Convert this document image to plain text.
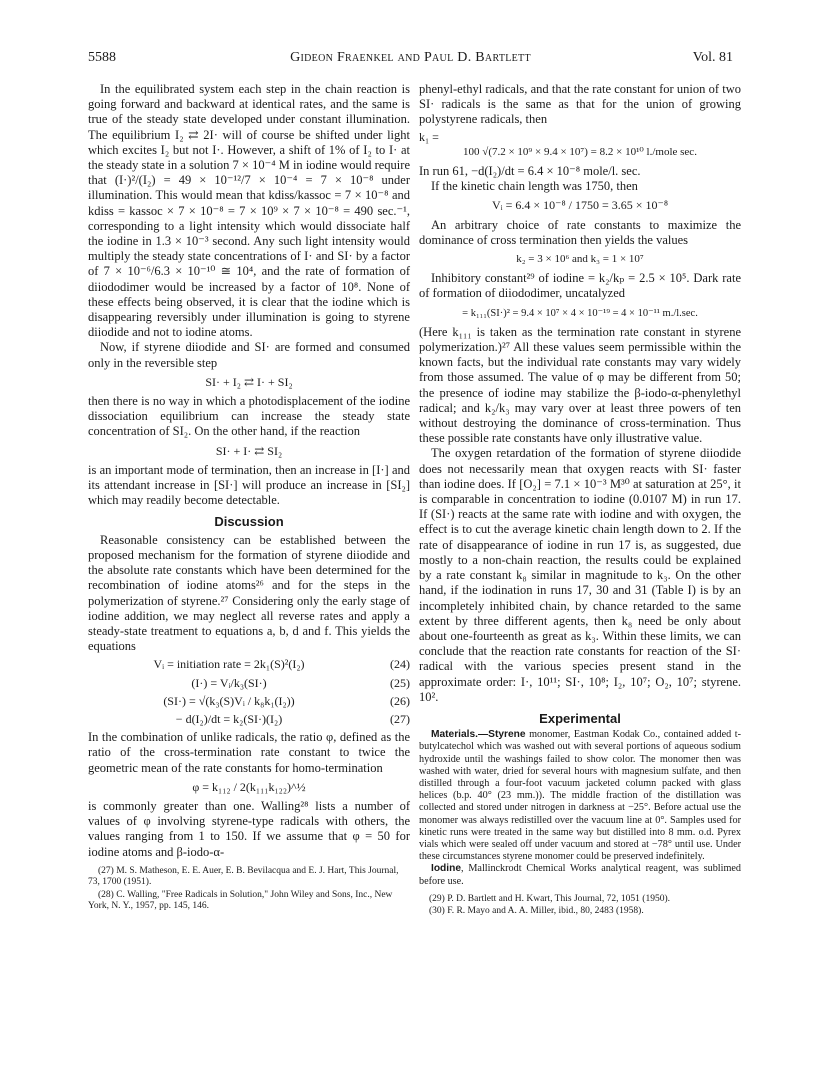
5588	Gideon Fraenkel and Paul D. Bartlett	Vol. 81

In the equilibrated system each step in the chain reaction is going forward and backward at identical rates, and the same is true of the steady state developed under constant illumination. The equilibrium I₂ ⇄ 2I· will of course be shifted under light which excites I₂ but not I·. However, a shift of 1% of I₂ to I· at the steady state in a solution 7 × 10⁻⁴ M in iodine would require that (I·)²/(I₂) = 49 × 10⁻¹²/7 × 10⁻⁴ = 7 × 10⁻⁸ under illumination. This would mean that kdiss/kassoc = 7 × 10⁻⁸ and kdiss = kassoc × 7 × 10⁻⁸ = 7 × 10⁹ × 7 × 10⁻⁸ = 490 sec.⁻¹, corresponding to a light intensity which would dissociate half the iodine in 1.3 × 10⁻³ second. Any such light intensity would multiply the steady state concentrations of I· and SI· by a factor of 7 × 10⁻⁶/6.3 × 10⁻¹⁰ ≅ 10⁴, and the rate of formation of diiododimer would be increased by a factor of 10⁸. None of these effects being observed, it is clear that the iodine which is disappearing reversibly under illumination is going to styrene diiodide and not to iodine atoms.

Now, if styrene diiodide and SI· are formed and consumed only in the reversible step

SI· + I₂ ⇄ I· + SI₂

then there is no way in which a photodisplacement of the iodine dissociation equilibrium can increase the steady state concentration of SI₂. On the other hand, if the reaction

SI· + I· ⇄ SI₂

is an important mode of termination, then an increase in [I·] and its attendant increase in [SI·] will produce an increase in [SI₂] which may readily become detectable.

Discussion

Reasonable consistency can be established between the proposed mechanism for the formation of styrene diiodide and the absolute rate constants which have been determined for the recombination of iodine atoms²⁶ and for the steps in the polymerization of styrene.²⁷ Considering only the early stage of iodine addition, we may neglect all reverse rates and apply a steady-state treatment to equations a, b, d and f. This yields the equations

Vᵢ = initiation rate = 2k₁(S)²(I₂)	(24)
(I·) = Vᵢ/k₃(SI·)	(25)
(SI·) = √(k₃(S)Vᵢ / k₈k₁(I₂))	(26)
− d(I₂)/dt = k₂(SI·)(I₂)	(27)

In the combination of unlike radicals, the ratio φ, defined as the ratio of the cross-termination rate constant to twice the geometric mean of the rate constants for homo-termination

φ = k₁₁₂ / 2(k₁₁₁k₁₂₂)^½

is commonly greater than one. Walling²⁸ lists a number of values of φ involving styrene-type radicals with others, the values ranging from 1 to 150. If we assume that φ = 50 for iodine atoms and β-iodo-α-

(27) M. S. Matheson, E. E. Auer, E. B. Bevilacqua and E. J. Hart, This Journal, 73, 1700 (1951).

(28) C. Walling, "Free Radicals in Solution," John Wiley and Sons, Inc., New York, N. Y., 1957, pp. 145, 146.

phenyl-ethyl radicals, and that the rate constant for union of two SI· radicals is the same as that for the union of growing polystyrene radicals, then

k₁ =
100 √(7.2 × 10⁹ × 9.4 × 10⁷) = 8.2 × 10¹⁰ l./mole sec.

In run 61, −d(I₂)/dt = 6.4 × 10⁻⁸ mole/l. sec.

If the kinetic chain length was 1750, then

Vᵢ = 6.4 × 10⁻⁸ / 1750 = 3.65 × 10⁻⁸

An arbitrary choice of rate constants to maximize the dominance of cross termination then yields the values

k₂ = 3 × 10⁶ and k₃ = 1 × 10⁷

Inhibitory constant²⁹ of iodine = k₂/kₚ = 2.5 × 10⁵. Dark rate of formation of diiododimer, uncatalyzed

= k₁₁₁(SI·)² = 9.4 × 10⁷ × 4 × 10⁻¹⁹ = 4 × 10⁻¹¹ m./l.sec.

(Here k₁₁₁ is taken as the termination rate constant in styrene polymerization.)²⁷ All these values seem permissible within the known facts, but the individual rate constants may vary widely from those assumed. The value of φ may be different from 50; the presence of iodine may stabilize the β-iodo-α-phenylethyl radical; and k₂/k₃ may vary over at least three powers of ten without destroying the dominance of cross-termination. Thus these possible rate constants have only illustrative value.

The oxygen retardation of the formation of styrene diiodide does not necessarily mean that oxygen reacts with SI· faster than iodine does. If [O₂] = 7.1 × 10⁻³ M³⁰ at saturation at 25°, it is comparable in concentration to iodine (0.0107 M) in run 17. If (SI·) reacts at the same rate with iodine and with oxygen, the effect is to cut the average kinetic chain length down to 2. If the rate of disappearance of iodine in run 17 is, as suggested, due mostly to a non-chain reaction, the results could be explained by a rate constant k₈ similar in magnitude to k₃. On the other hand, if the iodination in runs 17, 30 and 31 (Table I) is by an incompletely inhibited chain, by chance retarded to the same extent by three different agents, then k₈ need be only about about one-fourteenth as great as k₃. Within these limits, we can conclude that the reaction rate constants for reaction of the SI· radical with the various species present stand in the approximate order: I·, 10¹¹; SI·, 10⁸; I₂, 10⁷; O₂, 10⁷; styrene. 10².

Experimental

Materials.—Styrene monomer, Eastman Kodak Co., contained added t-butylcatechol which was washed out with several portions of aqueous sodium hydroxide until the washings failed to show color. The monomer then was washed with water, dried for several hours with magnesium sulfate, and then distilled through a four-foot vacuum jacketed column packed with glass helices (b.p. 40° (23 mm.)). The middle fraction of the distillation was collected and stored under nitrogen in darkness at −25°. Before actual use the monomer was always redistilled over the vacuum line at 0°. Samples used for kinetic runs were treated in the same way but distilled into 8 mm. o.d. Pyrex vials which were sealed off under vacuum and stored at −78° until use. Under these circumstances styrene monomer could be preserved indefinitely.

Iodine, Mallinckrodt Chemical Works analytical reagent, was sublimed before use.

(29) P. D. Bartlett and H. Kwart, This Journal, 72, 1051 (1950).

(30) F. R. Mayo and A. A. Miller, ibid., 80, 2483 (1958).
